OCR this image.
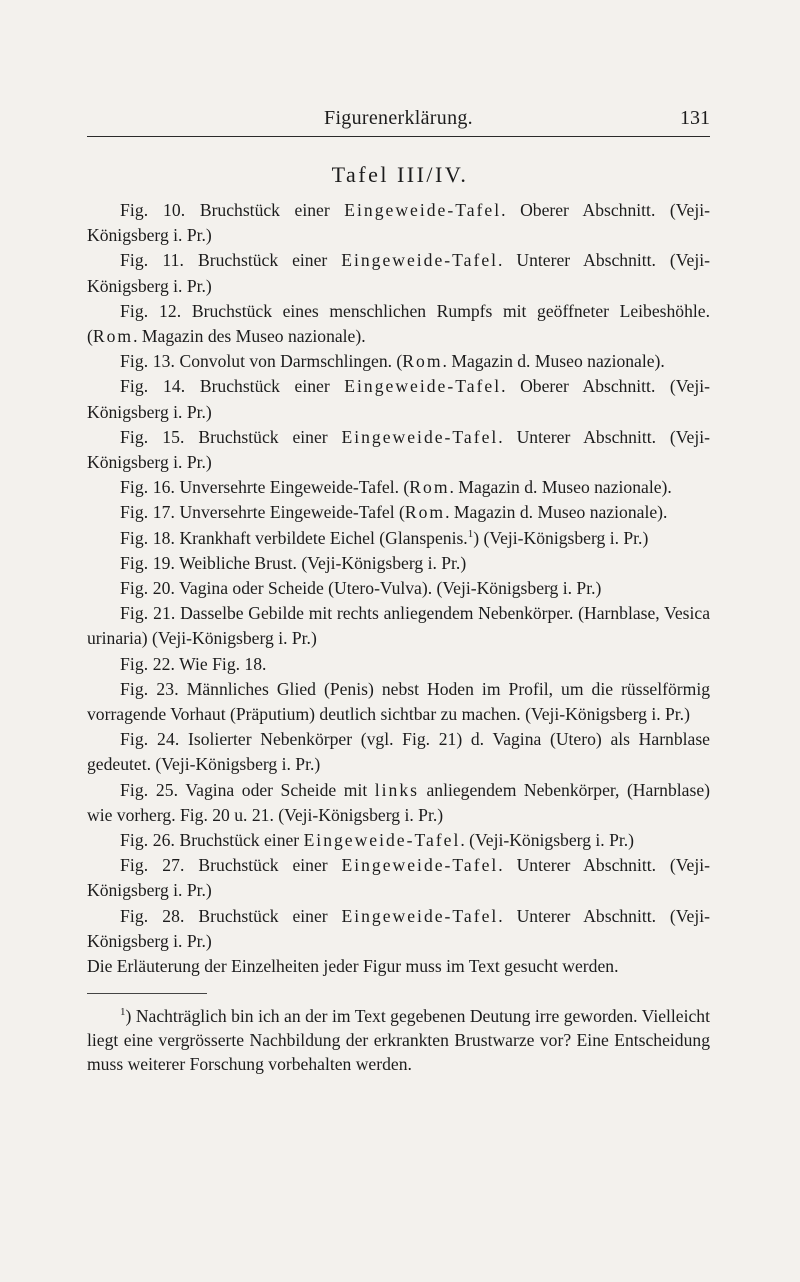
Figurenerklärung.	131
Tafel III/IV.

Fig. 10. Bruchstück einer Eingeweide-Tafel. Oberer Abschnitt. (Veji-Königsberg i. Pr.)

Fig. 11. Bruchstück einer Eingeweide-Tafel. Unterer Abschnitt. (Veji-Königsberg i. Pr.)

Fig. 12. Bruchstück eines menschlichen Rumpfs mit geöffneter Leibeshöhle. (Rom. Magazin des Museo nazionale).

Fig. 13. Convolut von Darmschlingen. (Rom. Magazin d. Museo nazionale).

Fig. 14. Bruchstück einer Eingeweide-Tafel. Oberer Abschnitt. (Veji-Königsberg i. Pr.)

Fig. 15. Bruchstück einer Eingeweide-Tafel. Unterer Abschnitt. (Veji-Königsberg i. Pr.)

Fig. 16. Unversehrte Eingeweide-Tafel. (Rom. Magazin d. Museo nazionale).

Fig. 17. Unversehrte Eingeweide-Tafel (Rom. Magazin d. Museo nazionale).

Fig. 18. Krankhaft verbildete Eichel (Glanspenis.$^1$) (Veji-Königsberg i. Pr.)

Fig. 19. Weibliche Brust. (Veji-Königsberg i. Pr.)

Fig. 20. Vagina oder Scheide (Utero-Vulva). (Veji-Königsberg i. Pr.)

Fig. 21. Dasselbe Gebilde mit rechts anliegendem Nebenkörper. (Harnblase, Vesica urinaria) (Veji-Königsberg i. Pr.)

Fig. 22. Wie Fig. 18.

Fig. 23. Männliches Glied (Penis) nebst Hoden im Profil, um die rüsselförmig vorragende Vorhaut (Präputium) deutlich sichtbar zu machen. (Veji-Königsberg i. Pr.)

Fig. 24. Isolierter Nebenkörper (vgl. Fig. 21) d. Vagina (Utero) als Harnblase gedeutet. (Veji-Königsberg i. Pr.)

Fig. 25. Vagina oder Scheide mit links anliegendem Nebenkörper, (Harnblase) wie vorherg. Fig. 20 u. 21. (Veji-Königsberg i. Pr.)

Fig. 26. Bruchstück einer Eingeweide-Tafel. (Veji-Königsberg i. Pr.)

Fig. 27. Bruchstück einer Eingeweide-Tafel. Unterer Abschnitt. (Veji-Königsberg i. Pr.)

Fig. 28. Bruchstück einer Eingeweide-Tafel. Unterer Abschnitt. (Veji-Königsberg i. Pr.)

Die Erläuterung der Einzelheiten jeder Figur muss im Text gesucht werden.

$^1$) Nachträglich bin ich an der im Text gegebenen Deutung irre geworden. Vielleicht liegt eine vergrösserte Nachbildung der erkrankten Brustwarze vor? Eine Entscheidung muss weiterer Forschung vorbehalten werden.
